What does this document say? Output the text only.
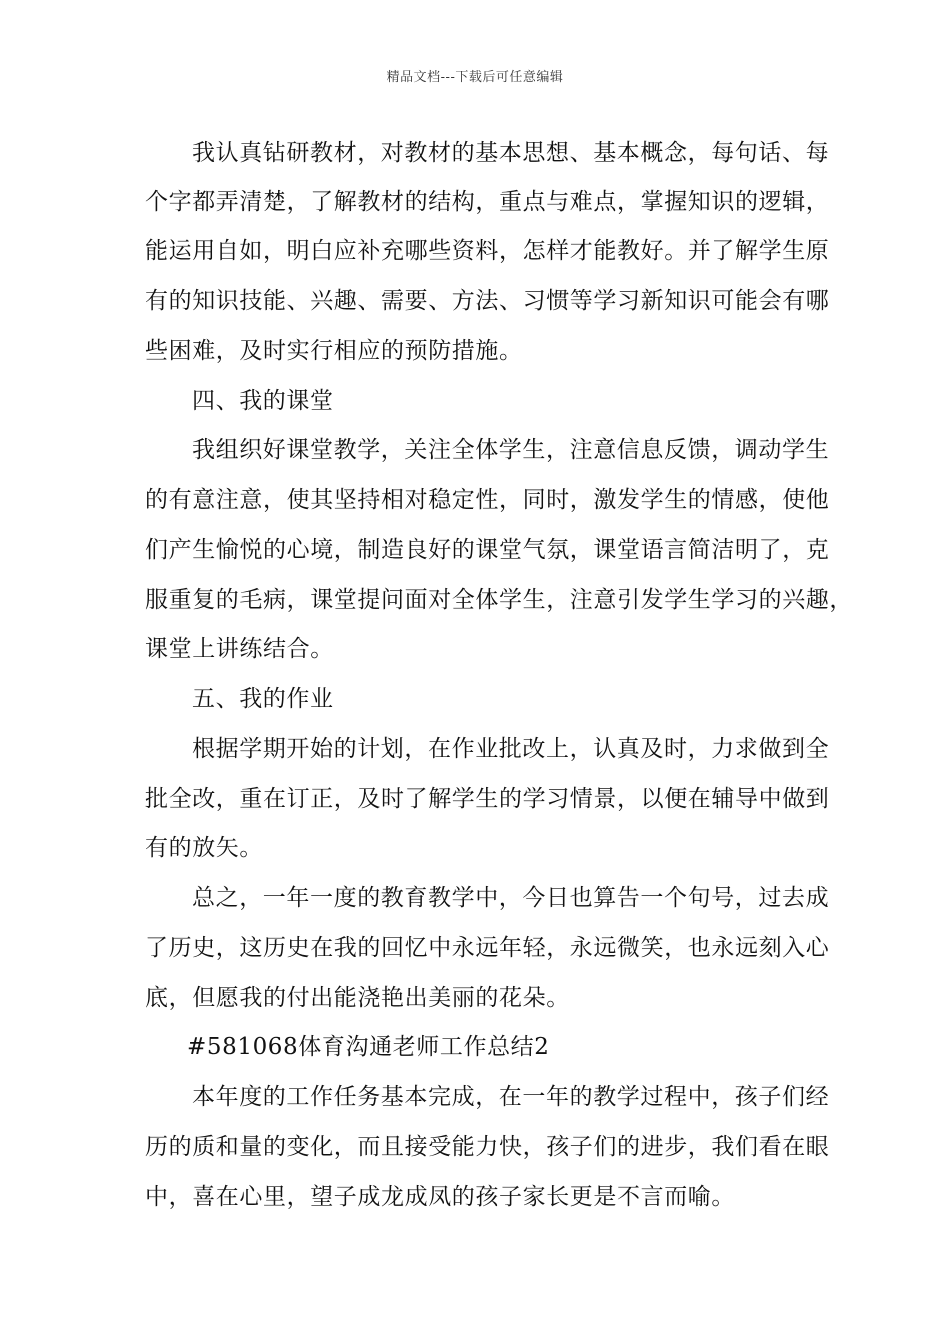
精品文档---下载后可任意编辑
我认真钻研教材，对教材的基本思想、基本概念，每句话、每
个字都弄清楚，了解教材的结构，重点与难点，掌握知识的逻辑，
能运用自如，明白应补充哪些资料，怎样才能教好。并了解学生原
有的知识技能、兴趣、需要、方法、习惯等学习新知识可能会有哪
些困难，及时实行相应的预防措施。
四、我的课堂
我组织好课堂教学，关注全体学生，注意信息反馈，调动学生
的有意注意，使其坚持相对稳定性，同时，激发学生的情感，使他
们产生愉悦的心境，制造良好的课堂气氛，课堂语言简洁明了，克
服重复的毛病，课堂提问面对全体学生，注意引发学生学习的兴趣，
课堂上讲练结合。
五、我的作业
根据学期开始的计划，在作业批改上，认真及时，力求做到全
批全改，重在订正，及时了解学生的学习情景，以便在辅导中做到
有的放矢。
总之，一年一度的教育教学中，今日也算告一个句号，过去成
了历史，这历史在我的回忆中永远年轻，永远微笑，也永远刻入心
底，但愿我的付出能浇艳出美丽的花朵。
#581068体育沟通老师工作总结2
本年度的工作任务基本完成，在一年的教学过程中，孩子们经
历的质和量的变化，而且接受能力快，孩子们的进步，我们看在眼
中，喜在心里，望子成龙成凤的孩子家长更是不言而喻。
